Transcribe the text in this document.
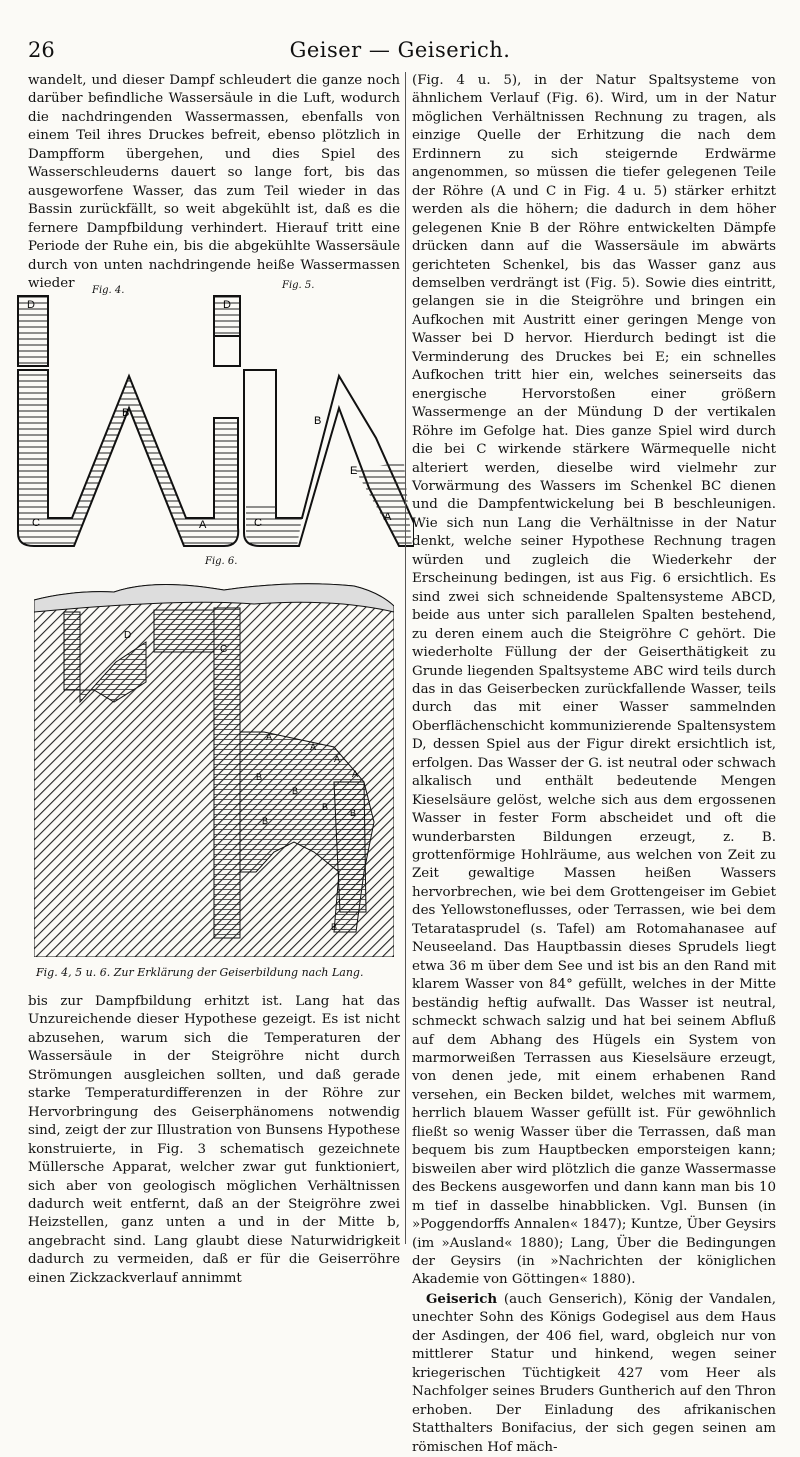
26	Geiser — Geiserich.

wandelt, und dieser Dampf schleudert die ganze noch darüber befindliche Wassersäule in die Luft, wodurch die nachdringenden Wassermassen, ebenfalls von einem Teil ihres Druckes befreit, ebenso plötzlich in Dampfform übergehen, und dies Spiel des Wasserschleuderns dauert so lange fort, bis das ausgeworfene Wasser, das zum Teil wieder in das Bassin zurückfällt, so weit abgekühlt ist, daß es die fernere Dampfbildung verhindert. Hierauf tritt eine Periode der Ruhe ein, bis die abgekühlte Wassersäule durch von unten nachdringende heiße Wassermassen wieder	Fig. 4.	Fig. 5.
D
B
C	A
D
B
E
C	A
Fig. 6.
D
C
A
A
A
A
B
B
B
B
B
B
Fig. 4, 5 u. 6. Zur Erklärung der Geiserbildung nach Lang.

bis zur Dampfbildung erhitzt ist. Lang hat das Unzureichende dieser Hypothese gezeigt. Es ist nicht abzusehen, warum sich die Temperaturen der Wassersäule in der Steigröhre nicht durch Strömungen ausgleichen sollten, und daß gerade starke Temperaturdifferenzen in der Röhre zur Hervorbringung des Geiserphänomens notwendig sind, zeigt der zur Illustration von Bunsens Hypothese konstruierte, in Fig. 3 schematisch gezeichnete Müllersche Apparat, welcher zwar gut funktioniert, sich aber von geologisch möglichen Verhältnissen dadurch weit entfernt, daß an der Steigröhre zwei Heizstellen, ganz unten a und in der Mitte b, angebracht sind. Lang glaubt diese Naturwidrigkeit dadurch zu vermeiden, daß er für die Geiserröhre einen Zickzackverlauf annimmt

(Fig. 4 u. 5), in der Natur Spaltsysteme von ähnlichem Verlauf (Fig. 6). Wird, um in der Natur möglichen Verhältnissen Rechnung zu tragen, als einzige Quelle der Erhitzung die nach dem Erdinnern zu sich steigernde Erdwärme angenommen, so müssen die tiefer gelegenen Teile der Röhre (A und C in Fig. 4 u. 5) stärker erhitzt werden als die höhern; die dadurch in dem höher gelegenen Knie B der Röhre entwickelten Dämpfe drücken dann auf die Wassersäule im abwärts gerichteten Schenkel, bis das Wasser ganz aus demselben verdrängt ist (Fig. 5). Sowie dies eintritt, gelangen sie in die Steigröhre und bringen ein Aufkochen mit Austritt einer geringen Menge von Wasser bei D hervor. Hierdurch bedingt ist die Verminderung des Druckes bei E; ein schnelles Aufkochen tritt hier ein, welches seinerseits das energische Hervorstoßen einer größern Wassermenge an der Mündung D der vertikalen Röhre im Gefolge hat. Dies ganze Spiel wird durch die bei C wirkende stärkere Wärmequelle nicht alteriert werden, dieselbe wird vielmehr zur Vorwärmung des Wassers im Schenkel BC dienen und die Dampfentwickelung bei B beschleunigen. Wie sich nun Lang die Verhältnisse in der Natur denkt, welche seiner Hypothese Rechnung tragen würden und zugleich die Wiederkehr der Erscheinung bedingen, ist aus Fig. 6 ersichtlich. Es sind zwei sich schneidende Spaltensysteme ABCD, beide aus unter sich parallelen Spalten bestehend, zu deren einem auch die Steigröhre C gehört. Die wiederholte Füllung der der Geiserthätigkeit zu Grunde liegenden Spaltsysteme ABC wird teils durch das in das Geiserbecken zurückfallende Wasser, teils durch das mit einer Wasser sammelnden Oberflächenschicht kommunizierende Spaltensystem D, dessen Spiel aus der Figur direkt ersichtlich ist, erfolgen. Das Wasser der G. ist neutral oder schwach alkalisch und enthält bedeutende Mengen Kieselsäure gelöst, welche sich aus dem ergossenen Wasser in fester Form abscheidet und oft die wunderbarsten Bildungen erzeugt, z. B. grottenförmige Hohlräume, aus welchen von Zeit zu Zeit gewaltige Massen heißen Wassers hervorbrechen, wie bei dem Grottengeiser im Gebiet des Yellowstoneflusses, oder Terrassen, wie bei dem Tetaratasprudel (s. Tafel) am Rotomahanasee auf Neuseeland. Das Hauptbassin dieses Sprudels liegt etwa 36 m über dem See und ist bis an den Rand mit klarem Wasser von 84° gefüllt, welches in der Mitte beständig heftig aufwallt. Das Wasser ist neutral, schmeckt schwach salzig und hat bei seinem Abfluß auf dem Abhang des Hügels ein System von marmorweißen Terrassen aus Kieselsäure erzeugt, von denen jede, mit einem erhabenen Rand versehen, ein Becken bildet, welches mit warmem, herrlich blauem Wasser gefüllt ist. Für gewöhnlich fließt so wenig Wasser über die Terrassen, daß man bequem bis zum Hauptbecken emporsteigen kann; bisweilen aber wird plötzlich die ganze Wassermasse des Beckens ausgeworfen und dann kann man bis 10 m tief in dasselbe hinabblicken. Vgl. Bunsen (in »Poggendorffs Annalen« 1847); Kuntze, Über Geysirs (im »Ausland« 1880); Lang, Über die Bedingungen der Geysirs (in »Nachrichten der königlichen Akademie von Göttingen« 1880).

Geiserich (auch Genserich), König der Vandalen, unechter Sohn des Königs Godegisel aus dem Haus der Asdingen, der 406 fiel, ward, obgleich nur von mittlerer Statur und hinkend, wegen seiner kriegerischen Tüchtigkeit 427 vom Heer als Nachfolger seines Bruders Guntherich auf den Thron erhoben. Der Einladung des afrikanischen Statthalters Bonifacius, der sich gegen seinen am römischen Hof mäch-
